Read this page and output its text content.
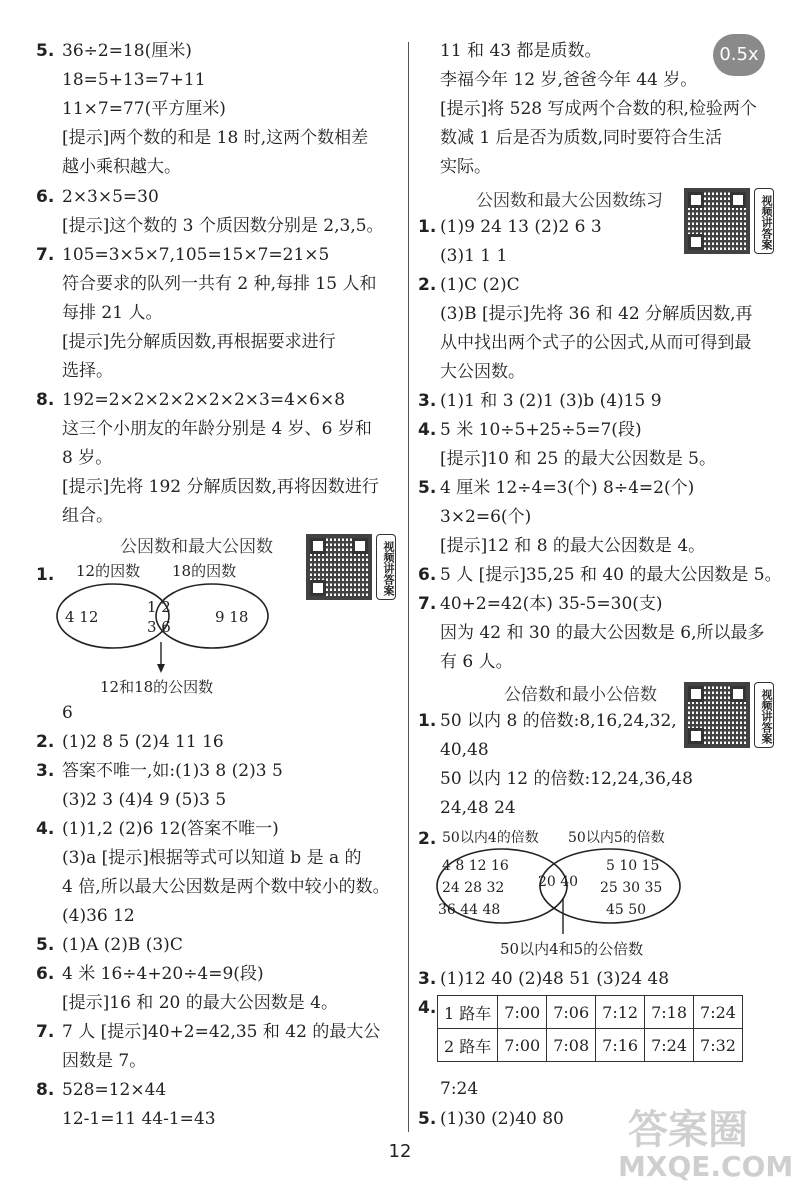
0.5x
5. 36÷2=18(厘米)
18=5+13=7+11
11×7=77(平方厘米)
[提示]两个数的和是 18 时,这两个数相差
越小乘积越大。
6. 2×3×5=30
[提示]这个数的 3 个质因数分别是 2,3,5。
7. 105=3×5×7,105=15×7=21×5
符合要求的队列一共有 2 种,每排 15 人和
每排 21 人。
[提示]先分解质因数,再根据要求进行
选择。
8. 192=2×2×2×2×2×2×3=4×6×8
这三个小朋友的年龄分别是 4 岁、6 岁和
8 岁。
[提示]先将 192 分解质因数,再将因数进行
组合。
公因数和最大公因数	视频讲答案
1. 12的因数 18的因数
4 12
1 2
3 6
9 18
12和18的公因数
6
2. (1)2 8 5 (2)4 11 16
3. 答案不唯一,如:(1)3 8 (2)3 5
(3)2 3 (4)4 9 (5)3 5
4. (1)1,2 (2)6 12(答案不唯一)
(3)a [提示]根据等式可以知道 b 是 a 的
4 倍,所以最大公因数是两个数中较小的数。
(4)36 12
5. (1)A (2)B (3)C
6. 4 米 16÷4+20÷4=9(段)
[提示]16 和 20 的最大公因数是 4。
7. 7 人 [提示]40+2=42,35 和 42 的最大公
因数是 7。
8. 528=12×44
12-1=11 44-1=43
11 和 43 都是质数。
李福今年 12 岁,爸爸今年 44 岁。
[提示]将 528 写成两个合数的积,检验两个
数减 1 后是否为质数,同时要符合生活
实际。
公因数和最大公因数练习	视频讲答案
1. (1)9 24 13 (2)2 6 3
(3)1 1 1
2. (1)C (2)C
(3)B [提示]先将 36 和 42 分解质因数,再
从中找出两个式子的公因式,从而可得到最
大公因数。
3. (1)1 和 3 (2)1 (3)b (4)15 9
4. 5 米 10÷5+25÷5=7(段)
[提示]10 和 25 的最大公因数是 5。
5. 4 厘米 12÷4=3(个) 8÷4=2(个)
3×2=6(个)
[提示]12 和 8 的最大公因数是 4。
6. 5 人 [提示]35,25 和 40 的最大公因数是 5。
7. 40+2=42(本) 35-5=30(支)
因为 42 和 30 的最大公因数是 6,所以最多
有 6 人。
公倍数和最小公倍数	视频讲答案
1. 50 以内 8 的倍数:8,16,24,32,
40,48
50 以内 12 的倍数:12,24,36,48
24,48 24
2. 50以内4的倍数 50以内5的倍数
4 8 12 16
24 28 32
36 44 48
20 40
5 10 15
25 30 35
45 50
50以内4和5的公倍数
3. (1)12 40 (2)48 51 (3)24 48
4. 1 路车	7:00	7:06	7:12	7:18	7:24
2 路车	7:00	7:08	7:16	7:24	7:32
7:24
5. (1)30 (2)40 80 答案圈
MXQE.COM
12
